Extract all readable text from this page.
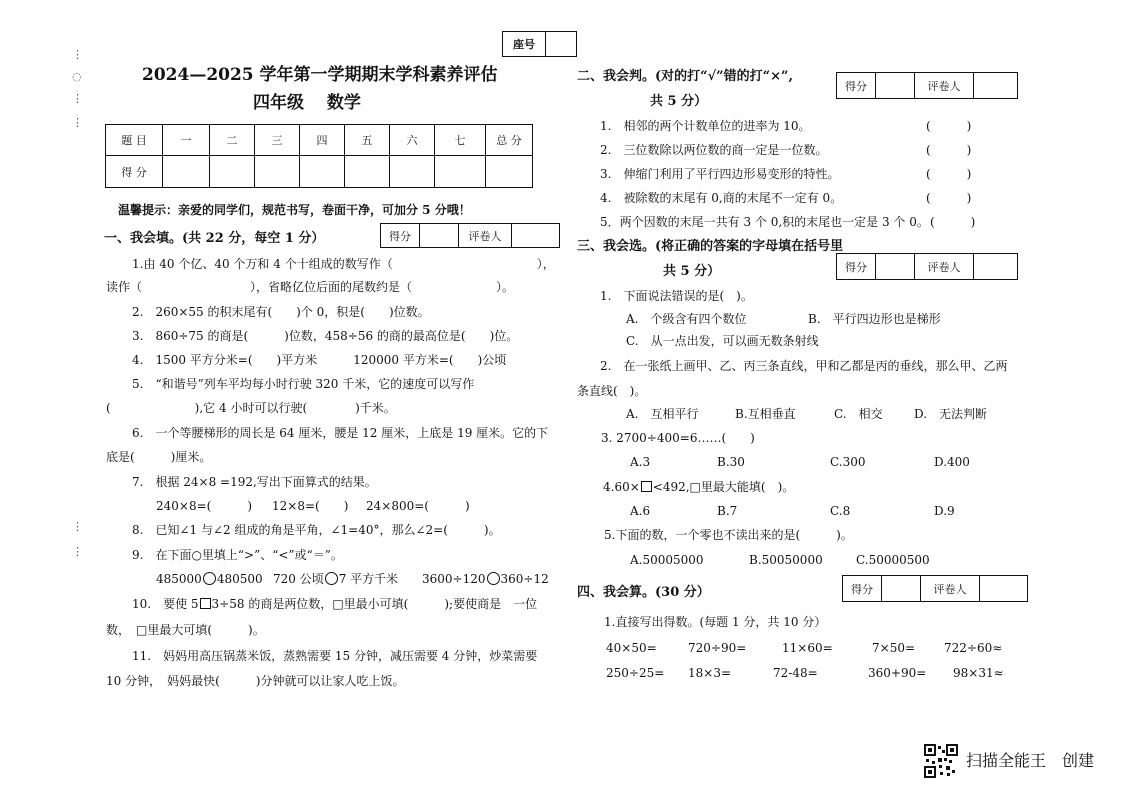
⋮
◌
⋮
⋮
⋮
⋮
座号	
2024—2025 学年第一学期期末学科素养评估
四年级　 数学
题 目	一	二	三	四	五	六	七	总 分
得 分								
温馨提示：亲爱的同学们，规范书写，卷面干净，可加分 5 分哦！
一、我会填。(共 22 分，每空 1 分）	得分		评卷人	
1.由 40 个亿、40 个万和 4 个十组成的数写作（　　　　　　　　　　　　），
读作（　　　　　　　　　），省略亿位后面的尾数约是（　　　　　　　）。
2.　260×55 的积末尾有(　　)个 0，积是(　　)位数。
3.　860÷75 的商是(　　　)位数，458÷56 的商的最高位是(　　)位。
4.　1500 平方分米=(　　)平方米　　　120000 平方米=(　　)公顷
5.　“和谐号”列车平均每小时行驶 320 千米，它的速度可以写作
(　　　　　　　),它 4 小时可以行驶(　　　　)千米。
6.　一个等腰梯形的周长是 64 厘米，腰是 12 厘米，上底是 19 厘米。它的下
底是(　　　)厘米。
7.　根据 24×8 =192,写出下面算式的结果。
240×8=(　　　) 12×8=(　　) 24×800=(　　　)
8.　已知∠1 与∠2 组成的角是平角，∠1=40°，那么∠2=(　　　)。
9.　在下面○里填上“>”、“<”或“＝”。
485000 480500 720 公顷 7 平方千米 3600÷120 360÷12
10.　要使 5 3÷58 的商是两位数，□里最小可填(　　　);要使商是　一位
数，　□里最大可填(　　　)。
11.　妈妈用高压锅蒸米饭，蒸熟需要 15 分钟，减压需要 4 分钟，炒菜需要
10 分钟，　妈妈最快(　　　)分钟就可以让家人吃上饭。
二、我会判。(对的打“√”错的打“×”,
共 5 分）
得分		评卷人	
1.　相邻的两个计数单位的进率为 10。	(　　　)
2.　三位数除以两位数的商一定是一位数。	(　　　)
3.　伸缩门利用了平行四边形易变形的特性。	(　　　)
4.　被除数的末尾有 0,商的末尾不一定有 0。	(　　　)
5．两个因数的末尾一共有 3 个 0,积的末尾也一定是 3 个 0。 (　　　)
三、我会选。(将正确的答案的字母填在括号里
共 5 分）	得分		评卷人	
1.　下面说法错误的是(　)。
A.　个级含有四个数位	B.　平行四边形也是梯形
C.　从一点出发，可以画无数条射线
2.　在一张纸上画甲、乙、丙三条直线，甲和乙都是丙的垂线，那么甲、乙两
条直线(　)。
A.　互相平行	B.互相垂直	C.　相交	D.　无法判断
3. 2700÷400=6……(　　)
A.3	B.30	C.300	D.400
4.60× <492,□里最大能填(　)。
A.6	B.7	C.8	D.9
5.下面的数，一个零也不读出来的是(　　　)。
A.50005000	B.50050000	C.50000500
四、我会算。(30 分）	得分		评卷人	
1.直接写出得数。(每题 1 分，共 10 分）
40×50=	720÷90=	11×60=	7×50= 722÷60≈
250÷25= 18×3=	72-48=	360+90= 98×31≈
扫描全能王　创建
